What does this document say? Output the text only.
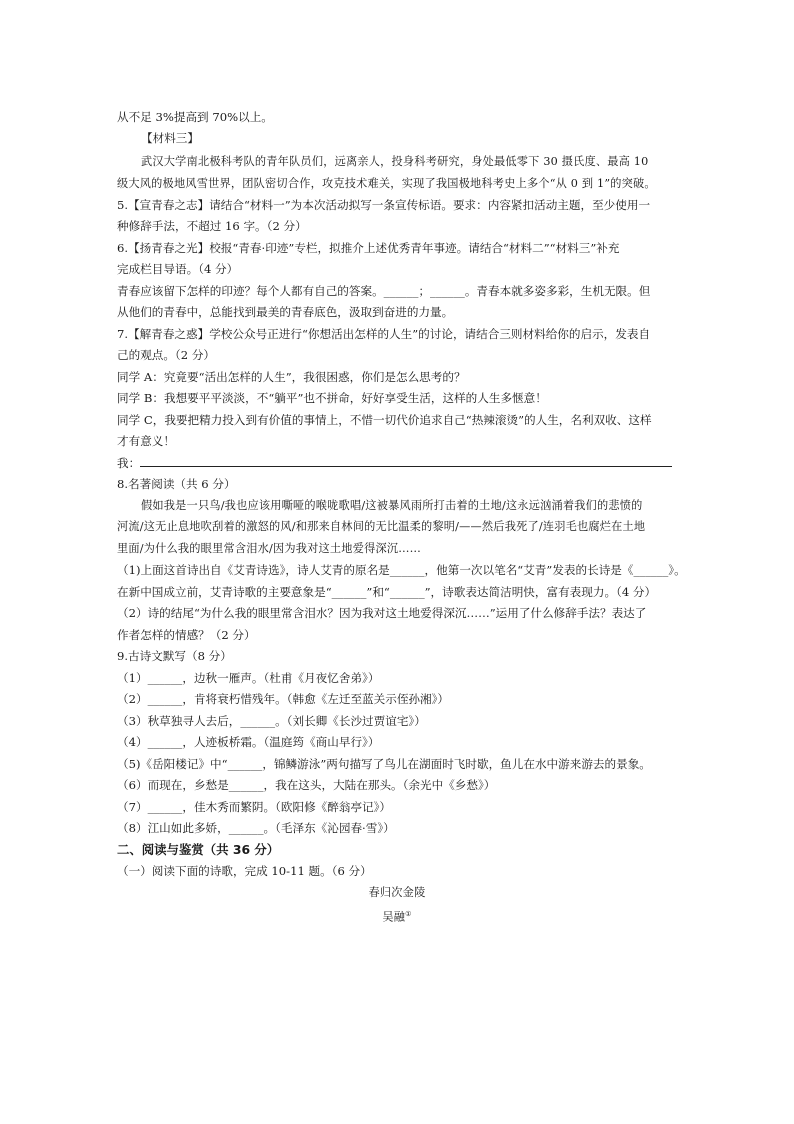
从不足 3%提高到 70%以上。
【材料三】
武汉大学南北极科考队的青年队员们，远离亲人，投身科考研究，身处最低零下 30 摄氏度、最高 10
级大风的极地风雪世界，团队密切合作，攻克技术难关，实现了我国极地科考史上多个“从 0 到 1”的突破。
5.【宣青春之志】请结合“材料一”为本次活动拟写一条宣传标语。要求：内容紧扣活动主题，至少使用一
种修辞手法，不超过 16 字。（2 分）
6.【扬青春之光】校报“青春·印迹”专栏，拟推介上述优秀青年事迹。请结合“材料二”“材料三”补充
完成栏目导语。（4 分）
青春应该留下怎样的印迹？每个人都有自己的答案。______；______。青春本就多姿多彩，生机无限。但
从他们的青春中，总能找到最美的青春底色，汲取到奋进的力量。
7.【解青春之惑】学校公众号正进行“你想活出怎样的人生”的讨论，请结合三则材料给你的启示，发表自
己的观点。（2 分）
同学 A：究竟要“活出怎样的人生”，我很困惑，你们是怎么思考的？
同学 B：我想要平平淡淡，不“躺平”也不拼命，好好享受生活，这样的人生多惬意！
同学 C，我要把精力投入到有价值的事情上，不惜一切代价追求自己“热辣滚烫”的人生，名利双收、这样
才有意义！
我：
8.名著阅读（共 6 分）
假如我是一只鸟/我也应该用嘶哑的喉咙歌唱/这被暴风雨所打击着的土地/这永远汹涌着我们的悲愤的
河流/这无止息地吹刮着的激怒的风/和那来自林间的无比温柔的黎明/——然后我死了/连羽毛也腐烂在土地
里面/为什么我的眼里常含泪水/因为我对这土地爱得深沉……
（1)上面这首诗出自《艾青诗选》，诗人艾青的原名是______，他第一次以笔名“艾青”发表的长诗是《______》。
在新中国成立前，艾青诗歌的主要意象是“______”和“______”，诗歌表达简洁明快，富有表现力。（4 分）
（2）诗的结尾“为什么我的眼里常含泪水？因为我对这土地爱得深沉……”运用了什么修辞手法？表达了
作者怎样的情感？（2 分）
9.古诗文默写（8 分）
（1）______，边秋一雁声。（杜甫《月夜忆舍弟》）
（2）______，肯将衰朽惜残年。（韩愈《左迁至蓝关示侄孙湘》）
（3）秋草独寻人去后，______。（刘长卿《长沙过贾谊宅》）
（4）______，人迹板桥霜。（温庭筠《商山早行》）
（5)《岳阳楼记》中“______，锦鳞游泳”两句描写了鸟儿在湖面时飞时歇，鱼儿在水中游来游去的景象。
（6）而现在，乡愁是______，我在这头，大陆在那头。（余光中《乡愁》）
（7）______，佳木秀而繁阴。（欧阳修《醉翁亭记》）
（8）江山如此多娇，______。（毛泽东《沁园春·雪》）
二、阅读与鉴赏（共 36 分）
（一）阅读下面的诗歌，完成 10-11 题。（6 分）
春归次金陵
吴融①
